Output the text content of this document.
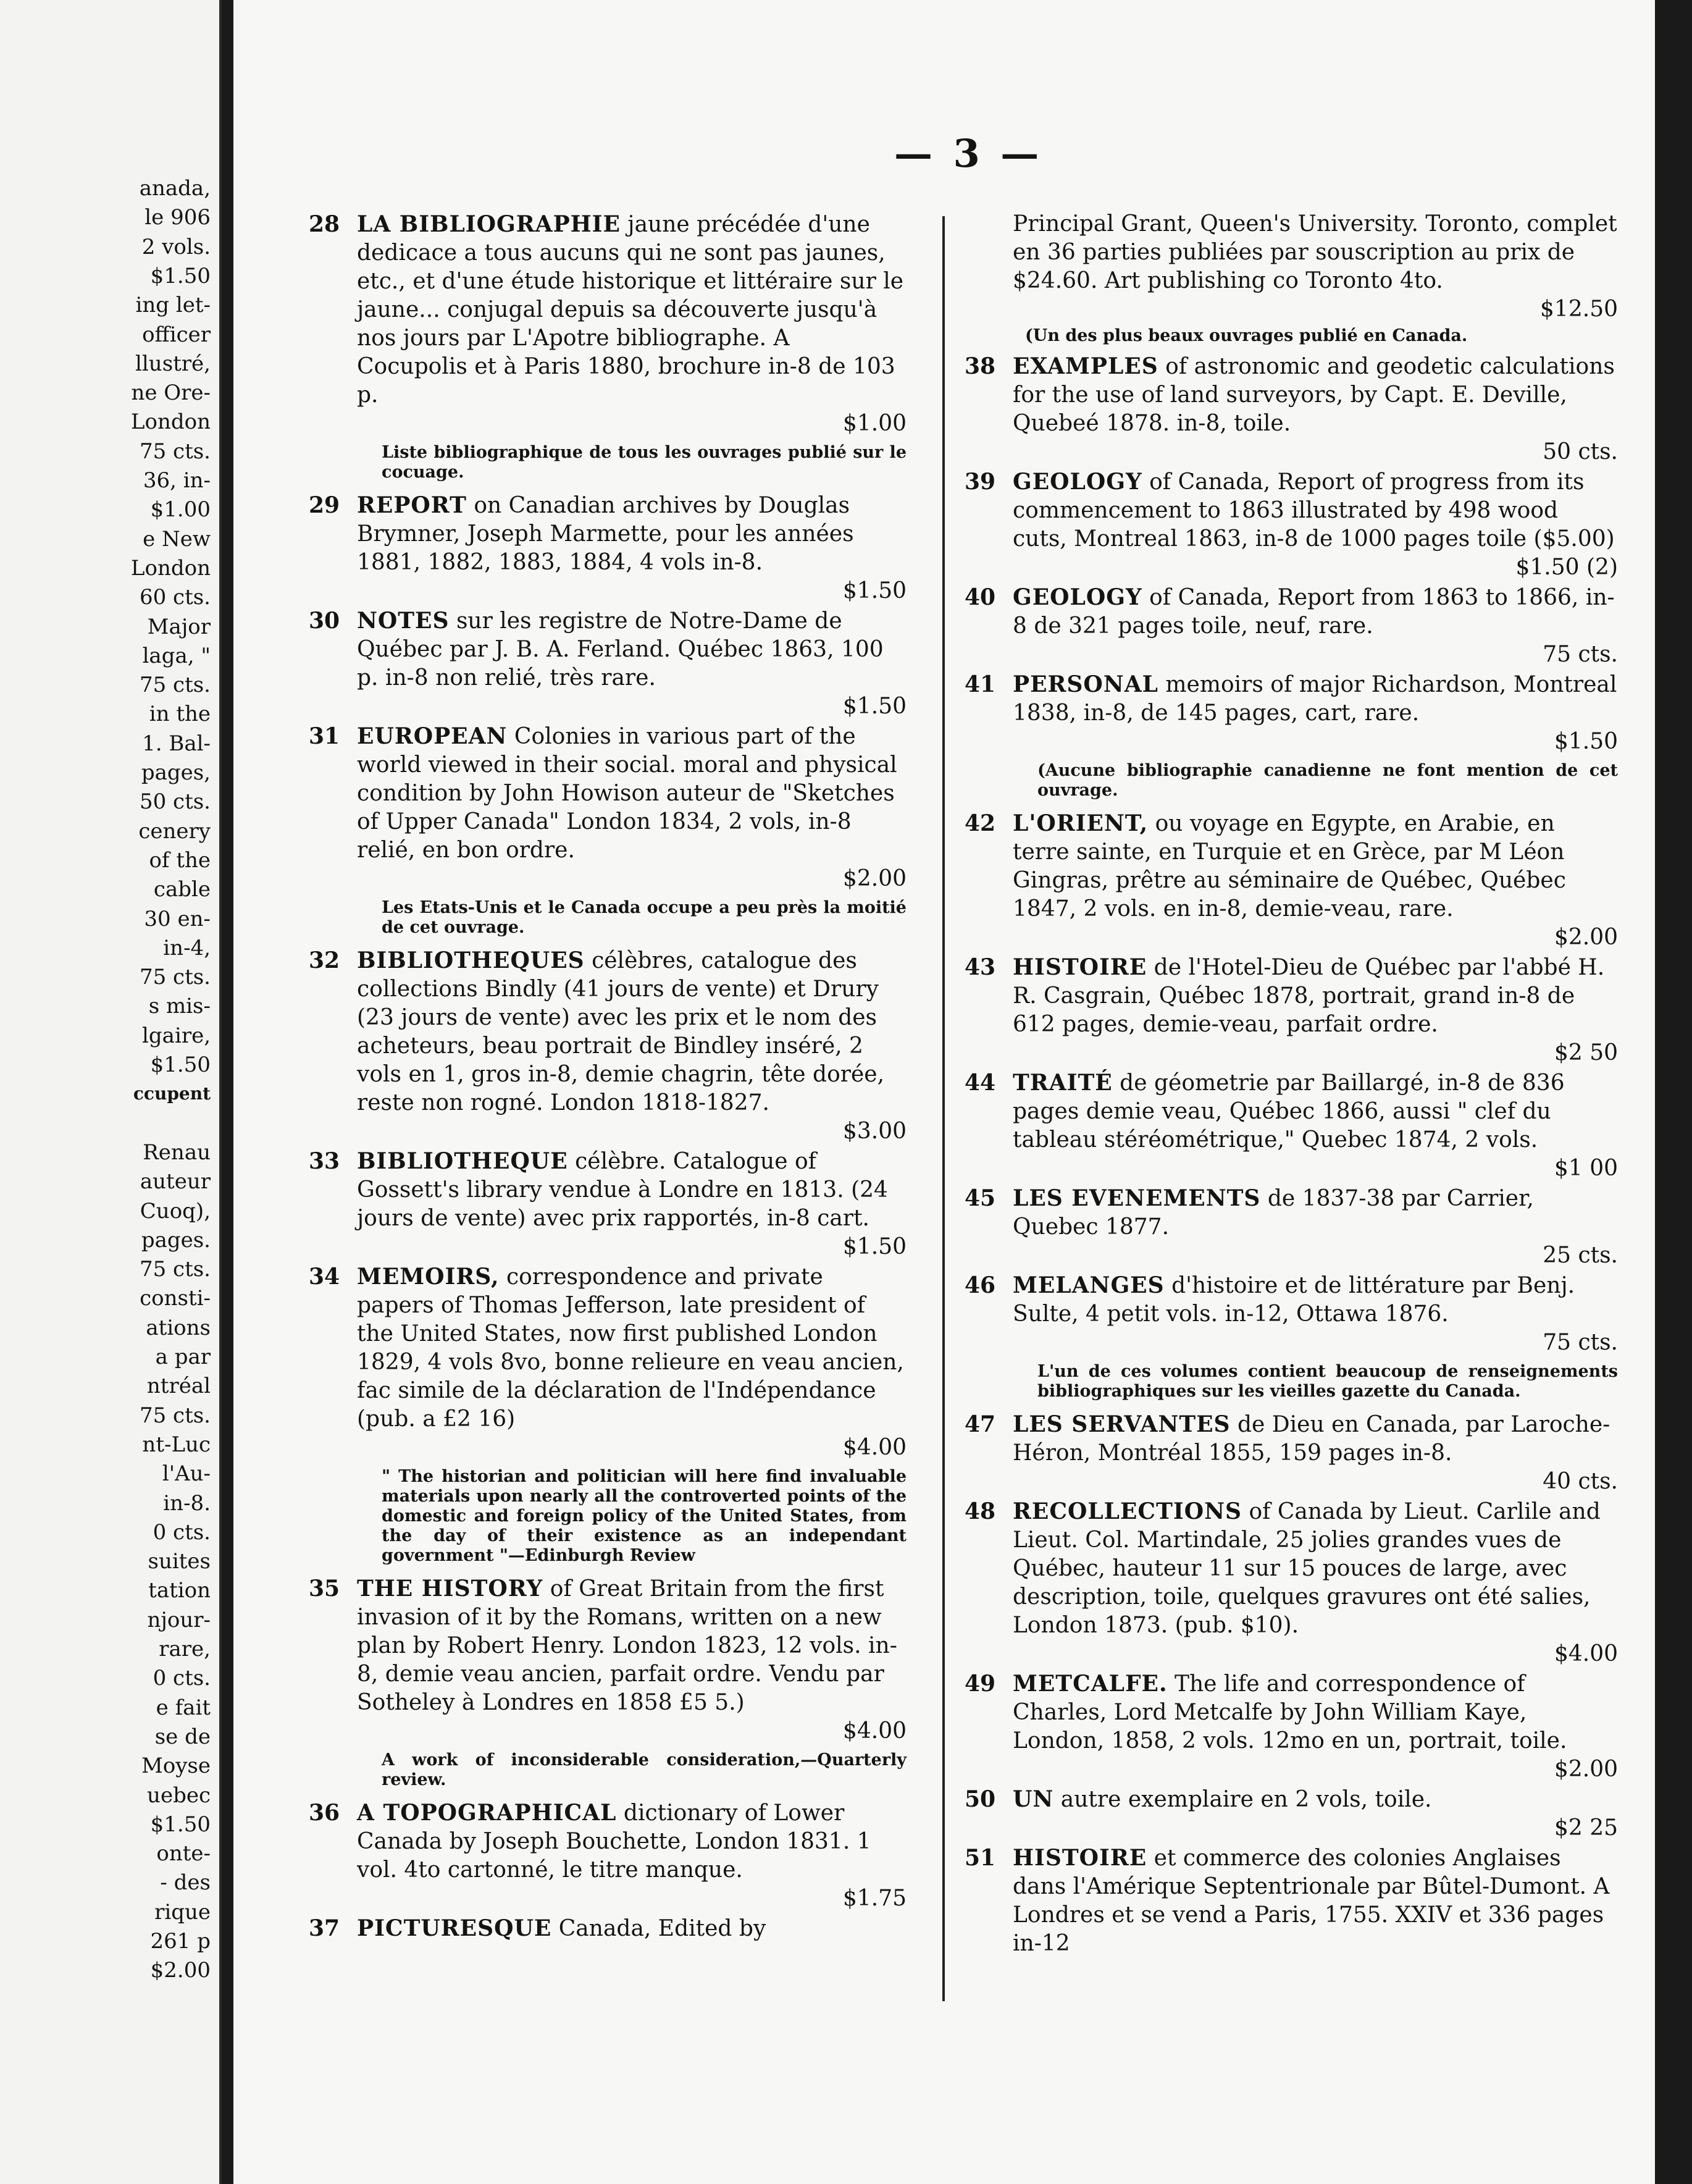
anada,
le 906
2 vols.
$1.50
ing let-
officer
llustré,
ne Ore-
London
75 cts.
36, in-
$1.00
e New
London
60 cts.
Major
laga, "
75 cts.
in the
1. Bal-
pages,
50 cts.
cenery
of the
cable
30 en-
in-4,
75 cts.
s mis-
lgaire,
$1.50
ccupent
Renau
auteur
Cuoq),
pages.
75 cts.
consti-
ations
a par
ntréal
75 cts.
nt-Luc
l'Au-
in-8.
0 cts.
suites
tation
njour-
rare,
0 cts.
e fait
se de
Moyse
uebec
$1.50
onte-
- des
rique
261 p
$2.00
— 3 —
28 LA BIBLIOGRAPHIE jaune précédée d'une dedicace a tous aucuns qui ne sont pas jaunes, etc., et d'une étude historique et littéraire sur le jaune... conjugal depuis sa découverte jusqu'à nos jours par L'Apotre bibliographe. A Cocupolis et à Paris 1880, brochure in-8 de 103 p.
$1.00
Liste bibliographique de tous les ouvrages publié sur le cocuage.
29 REPORT on Canadian archives by Douglas Brymner, Joseph Marmette, pour les années 1881, 1882, 1883, 1884, 4 vols in-8.
$1.50
30 NOTES sur les registre de Notre-Dame de Québec par J. B. A. Ferland. Québec 1863, 100 p. in-8 non relié, très rare.
$1.50
31 EUROPEAN Colonies in various part of the world viewed in their social. moral and physical condition by John Howison auteur de "Sketches of Upper Canada" London 1834, 2 vols, in-8 relié, en bon ordre.
$2.00
Les Etats-Unis et le Canada occupe a peu près la moitié de cet ouvrage.
32 BIBLIOTHEQUES célèbres, catalogue des collections Bindly (41 jours de vente) et Drury (23 jours de vente) avec les prix et le nom des acheteurs, beau portrait de Bindley inséré, 2 vols en 1, gros in-8, demie chagrin, tête dorée, reste non rogné. London 1818-1827.
$3.00
33 BIBLIOTHEQUE célèbre. Catalogue of Gossett's library vendue à Londre en 1813. (24 jours de vente) avec prix rapportés, in-8 cart.
$1.50
34 MEMOIRS, correspondence and private papers of Thomas Jefferson, late president of the United States, now first published London 1829, 4 vols 8vo, bonne relieure en veau ancien, fac simile de la déclaration de l'Indépendance (pub. a £2 16)
$4.00
" The historian and politician will here find invaluable materials upon nearly all the controverted points of the domestic and foreign policy of the United States, from the day of their existence as an independant government "—Edinburgh Review
35 THE HISTORY of Great Britain from the first invasion of it by the Romans, written on a new plan by Robert Henry. London 1823, 12 vols. in-8, demie veau ancien, parfait ordre. Vendu par Sotheley à Londres en 1858 £5 5.)
$4.00
A work of inconsiderable consideration,—Quarterly review.
36 A TOPOGRAPHICAL dictionary of Lower Canada by Joseph Bouchette, London 1831. 1 vol. 4to cartonné, le titre manque.
$1.75
37 PICTURESQUE Canada, Edited by
Principal Grant, Queen's University. Toronto, complet en 36 parties publiées par souscription au prix de $24.60. Art publishing co Toronto 4to.
$12.50
(Un des plus beaux ouvrages publié en Canada.
38 EXAMPLES of astronomic and geodetic calculations for the use of land surveyors, by Capt. E. Deville, Quebeé 1878. in-8, toile.
50 cts.
39 GEOLOGY of Canada, Report of progress from its commencement to 1863 illustrated by 498 wood cuts, Montreal 1863, in-8 de 1000 pages toile ($5.00)
$1.50 (2)
40 GEOLOGY of Canada, Report from 1863 to 1866, in-8 de 321 pages toile, neuf, rare.
75 cts.
41 PERSONAL memoirs of major Richardson, Montreal 1838, in-8, de 145 pages, cart, rare.
$1.50
(Aucune bibliographie canadienne ne font mention de cet ouvrage.
42 L'ORIENT, ou voyage en Egypte, en Arabie, en terre sainte, en Turquie et en Grèce, par M Léon Gingras, prêtre au séminaire de Québec, Québec 1847, 2 vols. en in-8, demie-veau, rare.
$2.00
43 HISTOIRE de l'Hotel-Dieu de Québec par l'abbé H. R. Casgrain, Québec 1878, portrait, grand in-8 de 612 pages, demie-veau, parfait ordre.
$2 50
44 TRAITÉ de géometrie par Baillargé, in-8 de 836 pages demie veau, Québec 1866, aussi " clef du tableau stéréométrique," Quebec 1874, 2 vols.
$1 00
45 LES EVENEMENTS de 1837-38 par Carrier, Quebec 1877.
25 cts.
46 MELANGES d'histoire et de littérature par Benj. Sulte, 4 petit vols. in-12, Ottawa 1876.
75 cts.
L'un de ces volumes contient beaucoup de renseignements bibliographiques sur les vieilles gazette du Canada.
47 LES SERVANTES de Dieu en Canada, par Laroche-Héron, Montréal 1855, 159 pages in-8.
40 cts.
48 RECOLLECTIONS of Canada by Lieut. Carlile and Lieut. Col. Martindale, 25 jolies grandes vues de Québec, hauteur 11 sur 15 pouces de large, avec description, toile, quelques gravures ont été salies, London 1873. (pub. $10).
$4.00
49 METCALFE. The life and correspondence of Charles, Lord Metcalfe by John William Kaye, London, 1858, 2 vols. 12mo en un, portrait, toile.
$2.00
50 UN autre exemplaire en 2 vols, toile.
$2 25
51 HISTOIRE et commerce des colonies Anglaises dans l'Amérique Septentrionale par Bûtel-Dumont. A Londres et se vend a Paris, 1755. XXIV et 336 pages in-12
